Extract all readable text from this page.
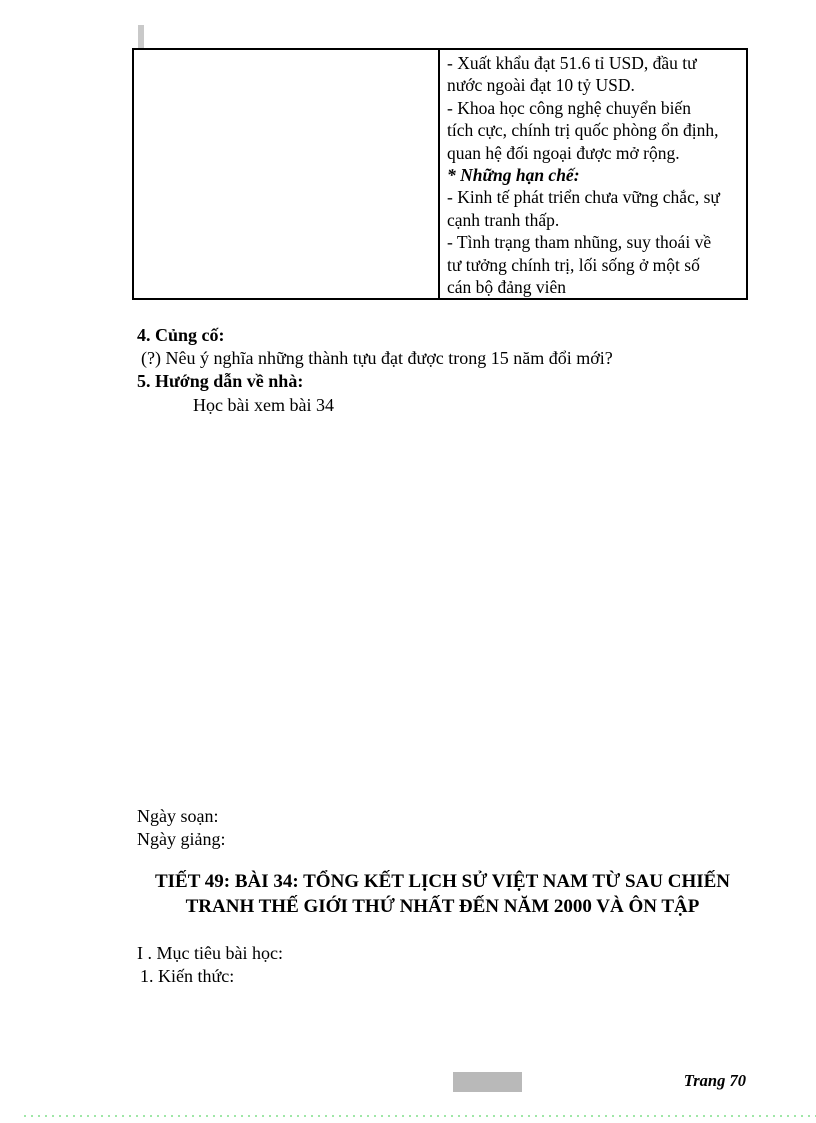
- Xuất khẩu đạt 51.6 tỉ USD, đầu tư
nước ngoài đạt 10 tỷ USD.
- Khoa học công nghệ chuyển biến
tích cực, chính trị quốc phòng ổn định,
quan hệ đối ngoại được mở rộng.
* Những hạn chế:
- Kinh tế phát triển chưa vững chắc, sự
cạnh tranh thấp.
- Tình trạng tham nhũng, suy thoái về
tư tưởng chính trị, lối sống ở một số
cán bộ đảng viên
4. Củng cố:
(?) Nêu ý nghĩa những thành tựu đạt được trong 15 năm đổi mới?
5. Hướng dẫn về nhà:
Học bài xem bài 34
Ngày soạn:
Ngày giảng:
TIẾT 49: BÀI 34: TỔNG KẾT LỊCH SỬ VIỆT NAM TỪ SAU CHIẾN
TRANH THẾ GIỚI THỨ NHẤT ĐẾN NĂM 2000 VÀ ÔN TẬP
I . Mục tiêu bài học:
1. Kiến thức:
Trang 70
